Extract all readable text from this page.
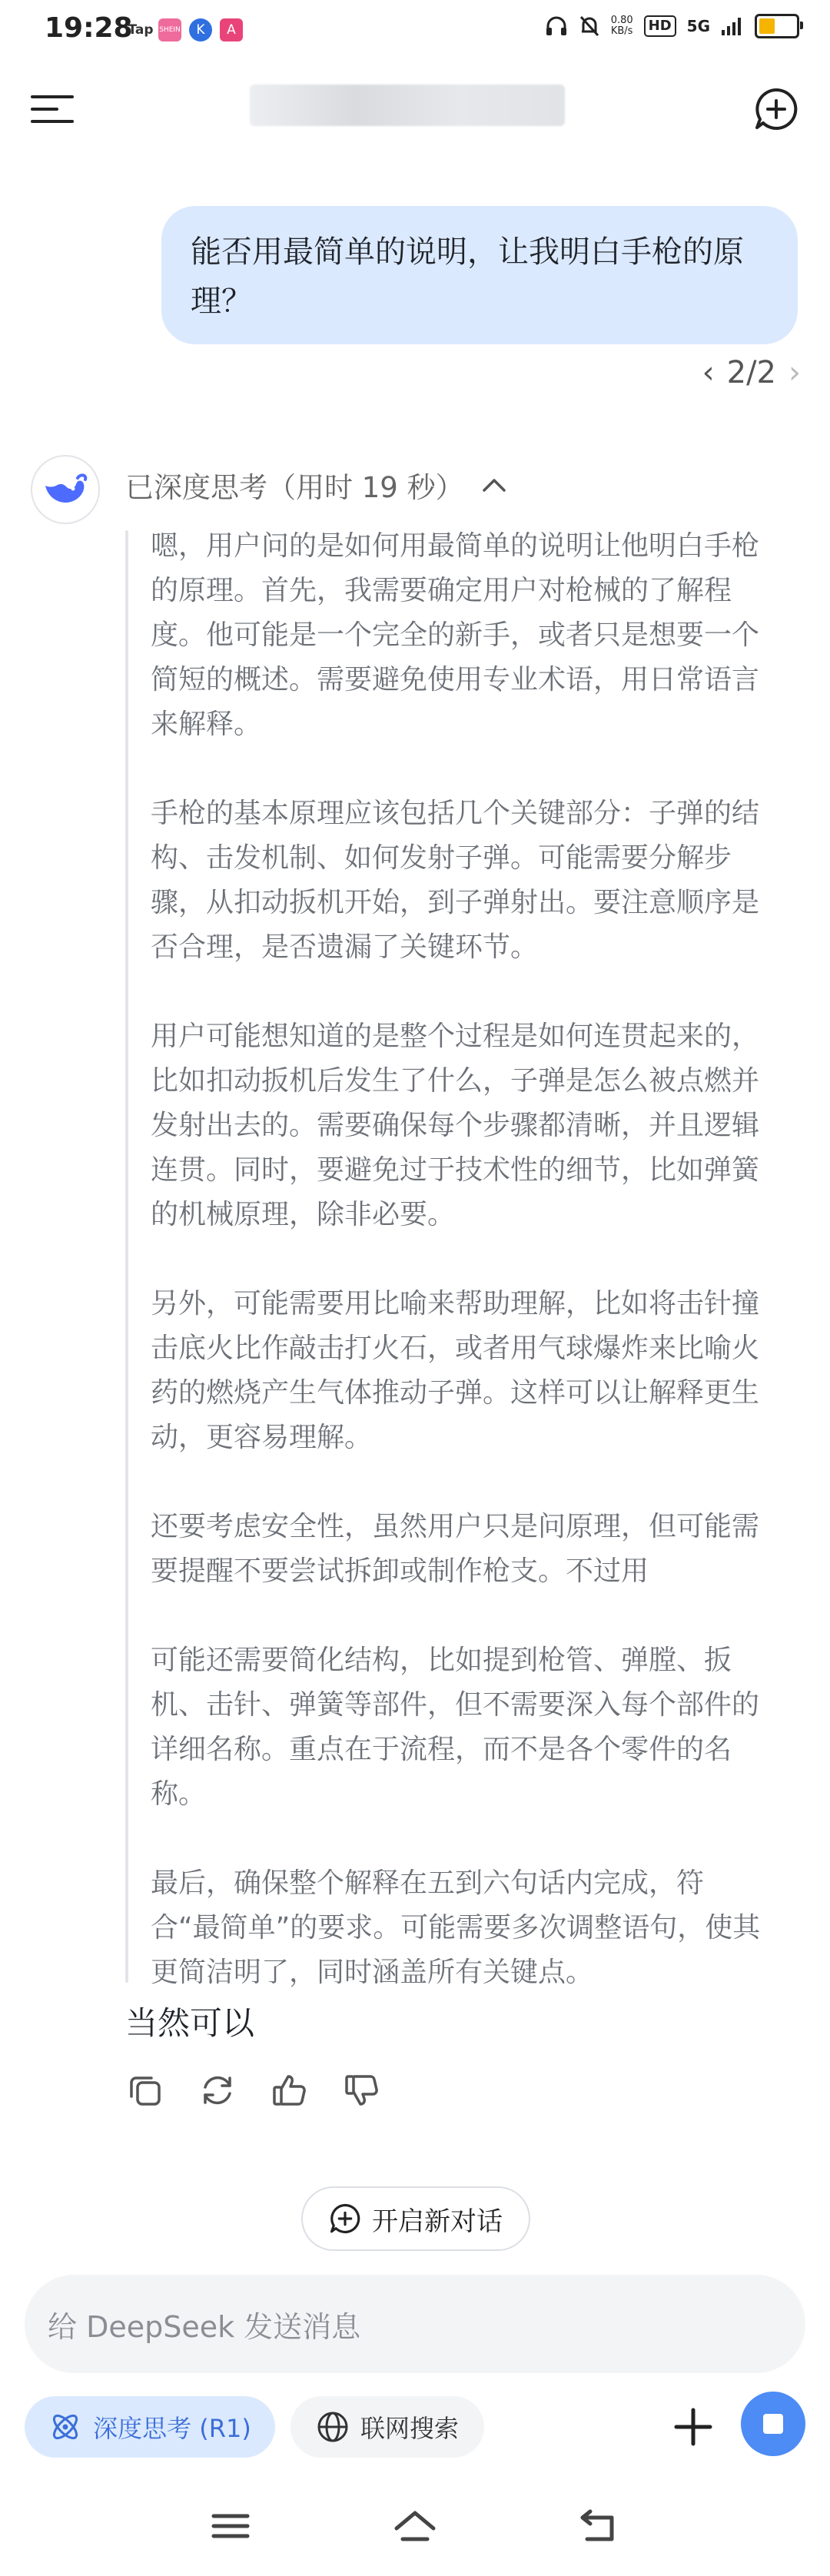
19:28
Tap SHEIN	K	A
0.80
KB/s	HD	5G
能否用最简单的说明，让我明白手枪的原理？
‹ 2/2 ›
已深度思考（用时 19 秒）

嗯，用户问的是如何用最简单的说明让他明白手枪的原理。首先，我需要确定用户对枪械的了解程度。他可能是一个完全的新手，或者只是想要一个简短的概述。需要避免使用专业术语，用日常语言来解释。

手枪的基本原理应该包括几个关键部分：子弹的结构、击发机制、如何发射子弹。可能需要分解步骤，从扣动扳机开始，到子弹射出。要注意顺序是否合理，是否遗漏了关键环节。

用户可能想知道的是整个过程是如何连贯起来的，比如扣动扳机后发生了什么，子弹是怎么被点燃并发射出去的。需要确保每个步骤都清晰，并且逻辑连贯。同时，要避免过于技术性的细节，比如弹簧的机械原理，除非必要。

另外，可能需要用比喻来帮助理解，比如将击针撞击底火比作敲击打火石，或者用气球爆炸来比喻火药的燃烧产生气体推动子弹。这样可以让解释更生动，更容易理解。

还要考虑安全性，虽然用户只是问原理，但可能需要提醒不要尝试拆卸或制作枪支。不过用

可能还需要简化结构，比如提到枪管、弹膛、扳机、击针、弹簧等部件，但不需要深入每个部件的详细名称。重点在于流程，而不是各个零件的名称。

最后，确保整个解释在五到六句话内完成，符合“最简单”的要求。可能需要多次调整语句，使其更简洁明了，同时涵盖所有关键点。

当然可以
开启新对话
给 DeepSeek 发送消息
深度思考 (R1)	联网搜索
